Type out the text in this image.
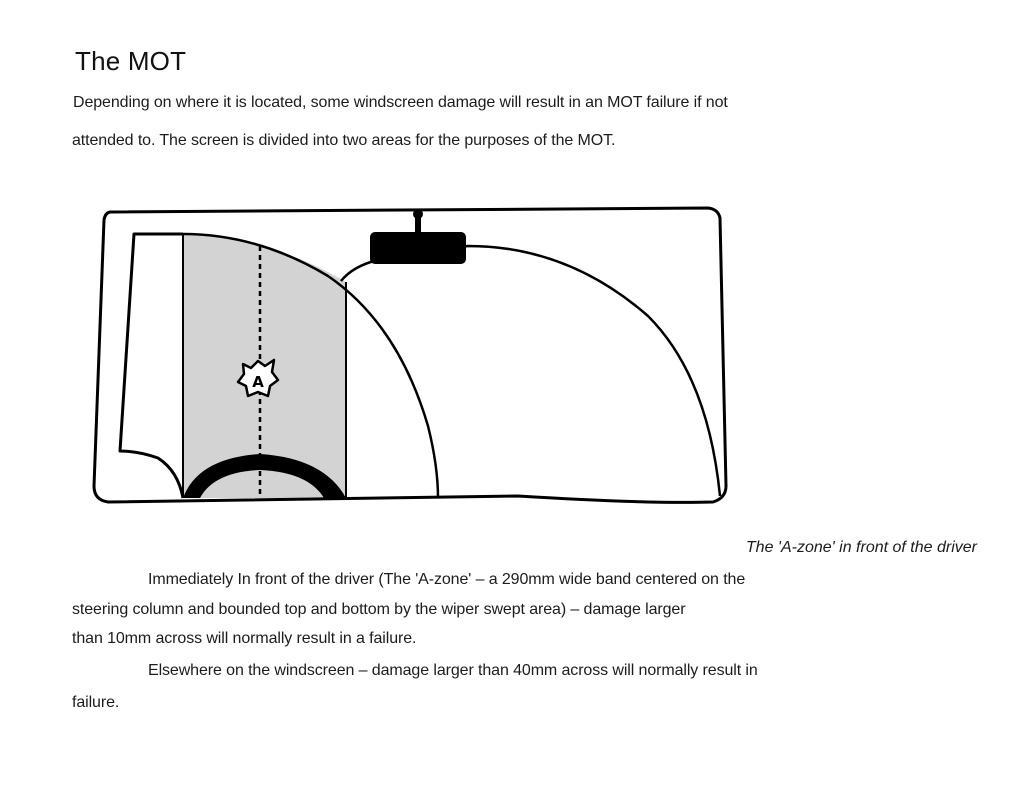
The MOT
Depending on where it is located, some windscreen damage will result in an MOT failure if not
attended to. The screen is divided into two areas for the purposes of the MOT.
A
The 'A-zone' in front of the driver
Immediately In front of the driver (The 'A-zone' – a 290mm wide band centered on the
steering column and bounded top and bottom by the wiper swept area) – damage larger
than 10mm across will normally result in a failure.
Elsewhere on the windscreen – damage larger than 40mm across will normally result in
failure.
